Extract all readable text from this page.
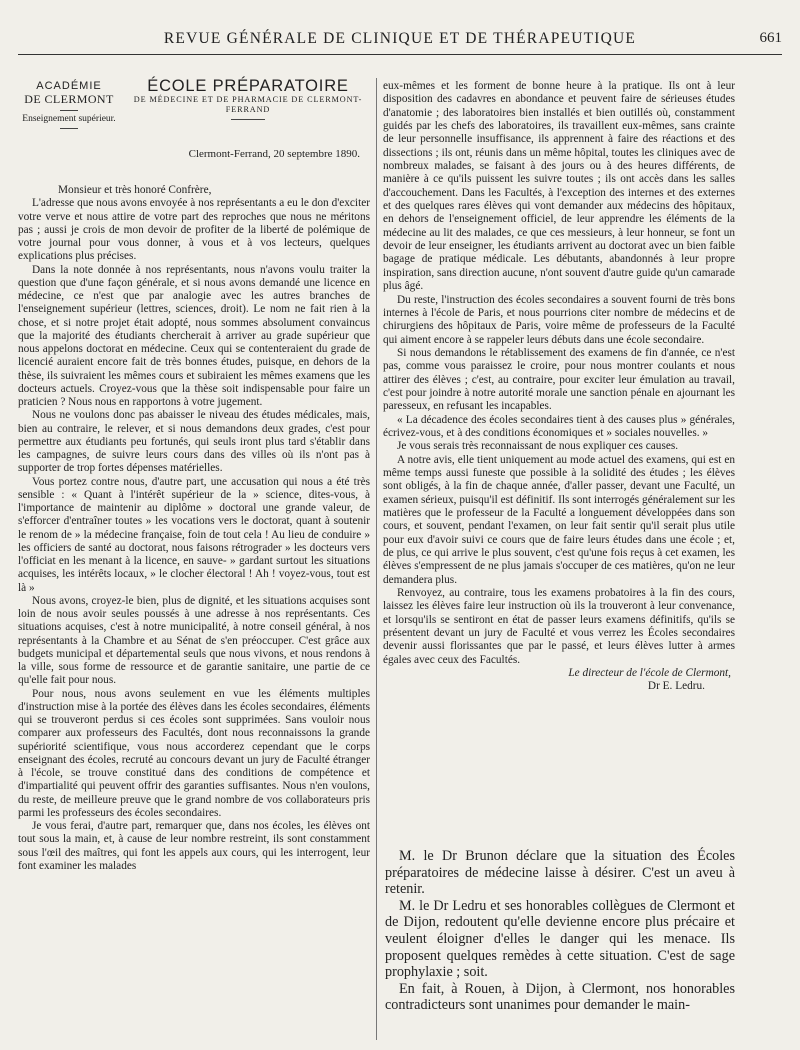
REVUE GÉNÉRALE DE CLINIQUE ET DE THÉRAPEUTIQUE	661
ACADÉMIE
DE CLERMONT
Enseignement supérieur.
ÉCOLE PRÉPARATOIRE
DE MÉDECINE ET DE PHARMACIE DE CLERMONT-FERRAND
Clermont-Ferrand, 20 septembre 1890.

Monsieur et très honoré Confrère,

L'adresse que nous avons envoyée à nos représentants a eu le don d'exciter votre verve et nous attire de votre part des reproches que nous ne méritons pas ; aussi je crois de mon devoir de profiter de la liberté de polémique de votre journal pour vous donner, à vous et à vos lecteurs, quelques explications plus précises.

Dans la note donnée à nos représentants, nous n'avons voulu traiter la question que d'une façon générale, et si nous avons demandé une licence en médecine, ce n'est que par analogie avec les autres branches de l'enseignement supérieur (lettres, sciences, droit). Le nom ne fait rien à la chose, et si notre projet était adopté, nous sommes absolument convaincus que la majorité des étudiants chercherait à arriver au grade supérieur que nous appelons doctorat en médecine. Ceux qui se contenteraient du grade de licencié auraient encore fait de très bonnes études, puisque, en dehors de la thèse, ils suivraient les mêmes cours et subiraient les mêmes examens que les docteurs actuels. Croyez-vous que la thèse soit indispensable pour faire un praticien ? Nous nous en rapportons à votre jugement.

Nous ne voulons donc pas abaisser le niveau des études médicales, mais, bien au contraire, le relever, et si nous demandons deux grades, c'est pour permettre aux étudiants peu fortunés, qui seuls iront plus tard s'établir dans les campagnes, de suivre leurs cours dans des villes où ils n'ont pas à supporter de trop fortes dépenses matérielles.

Vous portez contre nous, d'autre part, une accusation qui nous a été très sensible : « Quant à l'intérêt supérieur de la » science, dites-vous, à l'importance de maintenir au diplôme » doctoral une grande valeur, de s'efforcer d'entraîner toutes » les vocations vers le doctorat, quant à soutenir le renom de » la médecine française, foin de tout cela ! Au lieu de conduire » les officiers de santé au doctorat, nous faisons rétrograder » les docteurs vers l'officiat en les menant à la licence, en sauve- » gardant surtout les situations acquises, les intérêts locaux, » le clocher électoral ! Ah ! voyez-vous, tout est là »

Nous avons, croyez-le bien, plus de dignité, et les situations acquises sont loin de nous avoir seules poussés à une adresse à nos représentants. Ces situations acquises, c'est à notre municipalité, à notre conseil général, à nos représentants à la Chambre et au Sénat de s'en préoccuper. C'est grâce aux budgets municipal et départemental seuls que nous vivons, et nous rendons à la ville, sous forme de ressource et de garantie sanitaire, une partie de ce qu'elle fait pour nous.

Pour nous, nous avons seulement en vue les éléments multiples d'instruction mise à la portée des élèves dans les écoles secondaires, éléments qui se trouveront perdus si ces écoles sont supprimées. Sans vouloir nous comparer aux professeurs des Facultés, dont nous reconnaissons la grande supériorité scientifique, vous nous accorderez cependant que le corps enseignant des écoles, recruté au concours devant un jury de Faculté étranger à l'école, se trouve constitué dans des conditions de compétence et d'impartialité qui peuvent offrir des garanties suffisantes. Nous n'en voulons, du reste, de meilleure preuve que le grand nombre de vos collaborateurs pris parmi les professeurs des écoles secondaires.

Je vous ferai, d'autre part, remarquer que, dans nos écoles, les élèves ont tout sous la main, et, à cause de leur nombre restreint, ils sont constamment sous l'œil des maîtres, qui font les appels aux cours, qui les interrogent, leur font examiner les malades

eux-mêmes et les forment de bonne heure à la pratique. Ils ont à leur disposition des cadavres en abondance et peuvent faire de sérieuses études d'anatomie ; des laboratoires bien installés et bien outillés où, constamment guidés par les chefs des laboratoires, ils travaillent eux-mêmes, sans crainte de leur personnelle insuffisance, ils apprennent à faire des réactions et des dissections ; ils ont, réunis dans un même hôpital, toutes les cliniques avec de nombreux malades, se faisant à des jours ou à des heures différents, de manière à ce qu'ils puissent les suivre toutes ; ils ont accès dans les salles d'accouchement. Dans les Facultés, à l'exception des internes et des externes et des quelques rares élèves qui vont demander aux médecins des hôpitaux, en dehors de l'enseignement officiel, de leur apprendre les éléments de la médecine au lit des malades, ce que ces messieurs, à leur honneur, se font un devoir de leur enseigner, les étudiants arrivent au doctorat avec un bien faible bagage de pratique médicale. Les débutants, abandonnés à leur propre inspiration, sans direction aucune, n'ont souvent d'autre guide qu'un camarade plus âgé.

Du reste, l'instruction des écoles secondaires a souvent fourni de très bons internes à l'école de Paris, et nous pourrions citer nombre de médecins et de chirurgiens des hôpitaux de Paris, voire même de professeurs de la Faculté qui aiment encore à se rappeler leurs débuts dans une école secondaire.

Si nous demandons le rétablissement des examens de fin d'année, ce n'est pas, comme vous paraissez le croire, pour nous montrer coulants et nous attirer des élèves ; c'est, au contraire, pour exciter leur émulation au travail, c'est pour joindre à notre autorité morale une sanction pénale en ajournant les paresseux, en refusant les incapables.

« La décadence des écoles secondaires tient à des causes plus » générales, écrivez-vous, et à des conditions économiques et » sociales nouvelles. »

Je vous serais très reconnaissant de nous expliquer ces causes.

A notre avis, elle tient uniquement au mode actuel des examens, qui est en même temps aussi funeste que possible à la solidité des études ; les élèves sont obligés, à la fin de chaque année, d'aller passer, devant une Faculté, un examen sérieux, puisqu'il est définitif. Ils sont interrogés généralement sur les matières que le professeur de la Faculté a longuement développées dans son cours, et souvent, pendant l'examen, on leur fait sentir qu'il serait plus utile pour eux d'avoir suivi ce cours que de faire leurs études dans une école ; et, de plus, ce qui arrive le plus souvent, c'est qu'une fois reçus à cet examen, les élèves s'empressent de ne plus jamais s'occuper de ces matières, qu'on ne leur demandera plus.

Renvoyez, au contraire, tous les examens probatoires à la fin des cours, laissez les élèves faire leur instruction où ils la trouveront à leur convenance, et lorsqu'ils se sentiront en état de passer leurs examens définitifs, qu'ils se présentent devant un jury de Faculté et vous verrez les Écoles secondaires devenir aussi florissantes que par le passé, et leurs élèves lutter à armes égales avec ceux des Facultés.

Le directeur de l'école de Clermont,

Dr E. Ledru.

M. le Dr Brunon déclare que la situation des Écoles préparatoires de médecine laisse à désirer. C'est un aveu à retenir.

M. le Dr Ledru et ses honorables collègues de Clermont et de Dijon, redoutent qu'elle devienne encore plus précaire et veulent éloigner d'elles le danger qui les menace. Ils proposent quelques remèdes à cette situation. C'est de sage prophylaxie ; soit.

En fait, à Rouen, à Dijon, à Clermont, nos honorables contradicteurs sont unanimes pour demander le main-
